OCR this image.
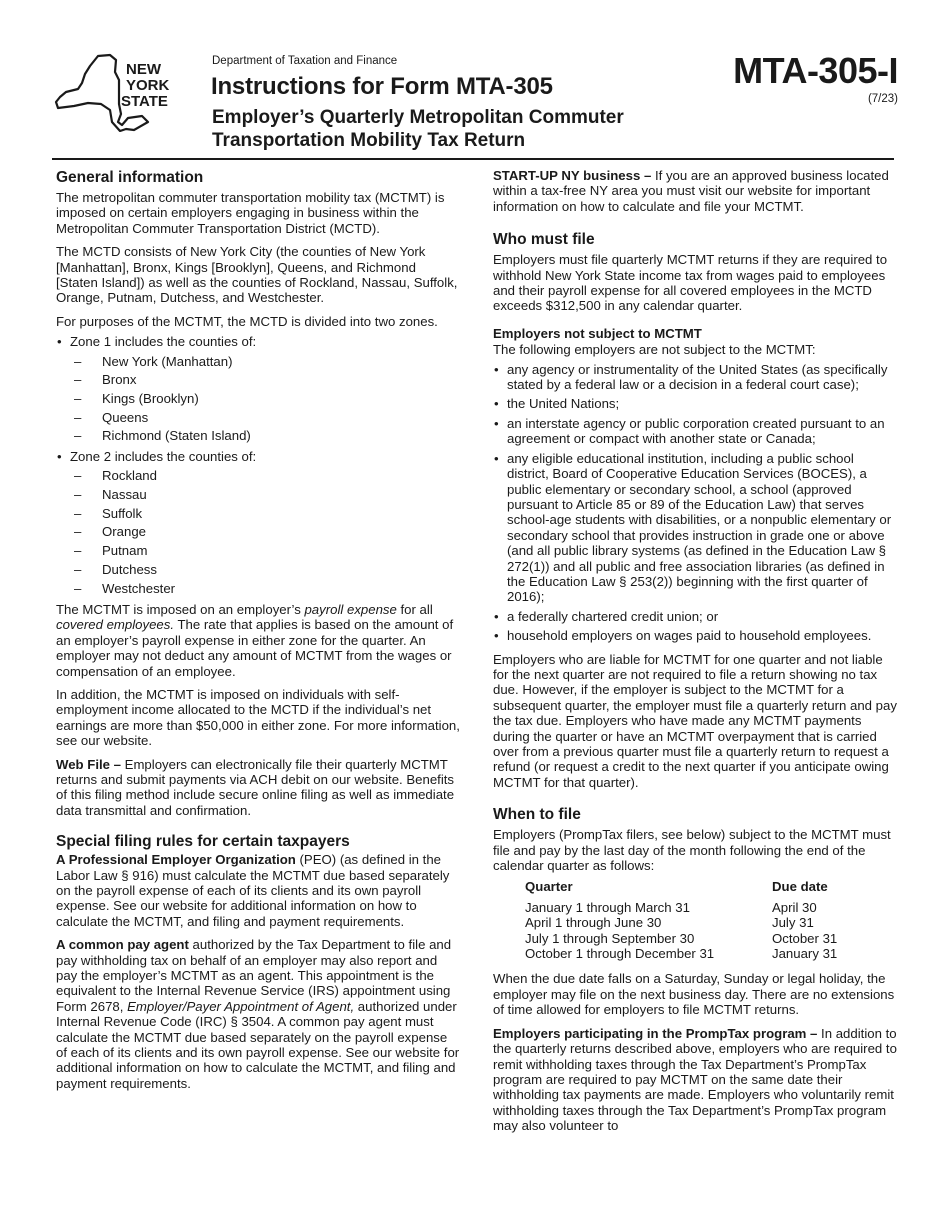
NEW
YORK
STATE
Department of Taxation and Finance
Instructions for Form MTA-305
Employer’s Quarterly Metropolitan Commuter
Transportation Mobility Tax Return
MTA-305-I
(7/23)
General information

The metropolitan commuter transportation mobility tax (MCTMT) is imposed on certain employers engaging in business within the Metropolitan Commuter Transportation District (MCTD).

The MCTD consists of New York City (the counties of New York [Manhattan], Bronx, Kings [Brooklyn], Queens, and Richmond [Staten Island]) as well as the counties of Rockland, Nassau, Suffolk, Orange, Putnam, Dutchess, and Westchester.

For purposes of the MCTMT, the MCTD is divided into two zones.

• Zone 1 includes the counties of:
– New York (Manhattan)
– Bronx
– Kings (Brooklyn)
– Queens
– Richmond (Staten Island)
• Zone 2 includes the counties of:
– Rockland
– Nassau
– Suffolk
– Orange
– Putnam
– Dutchess
– Westchester

The MCTMT is imposed on an employer’s payroll expense for all covered employees. The rate that applies is based on the amount of an employer’s payroll expense in either zone for the quarter. An employer may not deduct any amount of MCTMT from the wages or compensation of an employee.

In addition, the MCTMT is imposed on individuals with self-employment income allocated to the MCTD if the individual’s net earnings are more than $50,000 in either zone. For more information, see our website.

Web File – Employers can electronically file their quarterly MCTMT returns and submit payments via ACH debit on our website. Benefits of this filing method include secure online filing as well as immediate data transmittal and confirmation.

Special filing rules for certain taxpayers

A Professional Employer Organization (PEO) (as defined in the Labor Law § 916) must calculate the MCTMT due based separately on the payroll expense of each of its clients and its own payroll expense. See our website for additional information on how to calculate the MCTMT, and filing and payment requirements.

A common pay agent authorized by the Tax Department to file and pay withholding tax on behalf of an employer may also report and pay the employer’s MCTMT as an agent. This appointment is the equivalent to the Internal Revenue Service (IRS) appointment using Form 2678, Employer/Payer Appointment of Agent, authorized under Internal Revenue Code (IRC) § 3504. A common pay agent must calculate the MCTMT due based separately on the payroll expense of each of its clients and its own payroll expense. See our website for additional information on how to calculate the MCTMT, and filing and payment requirements.

START-UP NY business – If you are an approved business located within a tax-free NY area you must visit our website for important information on how to calculate and file your MCTMT.

Who must file

Employers must file quarterly MCTMT returns if they are required to withhold New York State income tax from wages paid to employees and their payroll expense for all covered employees in the MCTD exceeds $312,500 in any calendar quarter.

Employers not subject to MCTMT

The following employers are not subject to the MCTMT:

• any agency or instrumentality of the United States (as specifically stated by a federal law or a decision in a federal court case);
• the United Nations;
• an interstate agency or public corporation created pursuant to an agreement or compact with another state or Canada;
• any eligible educational institution, including a public school district, Board of Cooperative Education Services (BOCES), a public elementary or secondary school, a school (approved pursuant to Article 85 or 89 of the Education Law) that serves school-age students with disabilities, or a nonpublic elementary or secondary school that provides instruction in grade one or above (and all public library systems (as defined in the Education Law § 272(1)) and all public and free association libraries (as defined in the Education Law § 253(2)) beginning with the first quarter of 2016);
• a federally chartered credit union; or
• household employers on wages paid to household employees.

Employers who are liable for MCTMT for one quarter and not liable for the next quarter are not required to file a return showing no tax due. However, if the employer is subject to the MCTMT for a subsequent quarter, the employer must file a quarterly return and pay the tax due. Employers who have made any MCTMT payments during the quarter or have an MCTMT overpayment that is carried over from a previous quarter must file a quarterly return to request a refund (or request a credit to the next quarter if you anticipate owing MCTMT for that quarter).

When to file

Employers (PrompTax filers, see below) subject to the MCTMT must file and pay by the last day of the month following the end of the calendar quarter as follows:

Quarter	Due date
January 1 through March 31	April 30
April 1 through June 30	July 31
July 1 through September 30	October 31
October 1 through December 31	January 31

When the due date falls on a Saturday, Sunday or legal holiday, the employer may file on the next business day. There are no extensions of time allowed for employers to file MCTMT returns.

Employers participating in the PrompTax program – In addition to the quarterly returns described above, employers who are required to remit withholding taxes through the Tax Department’s PrompTax program are required to pay MCTMT on the same date their withholding tax payments are made. Employers who voluntarily remit withholding taxes through the Tax Department’s PrompTax program may also volunteer to
